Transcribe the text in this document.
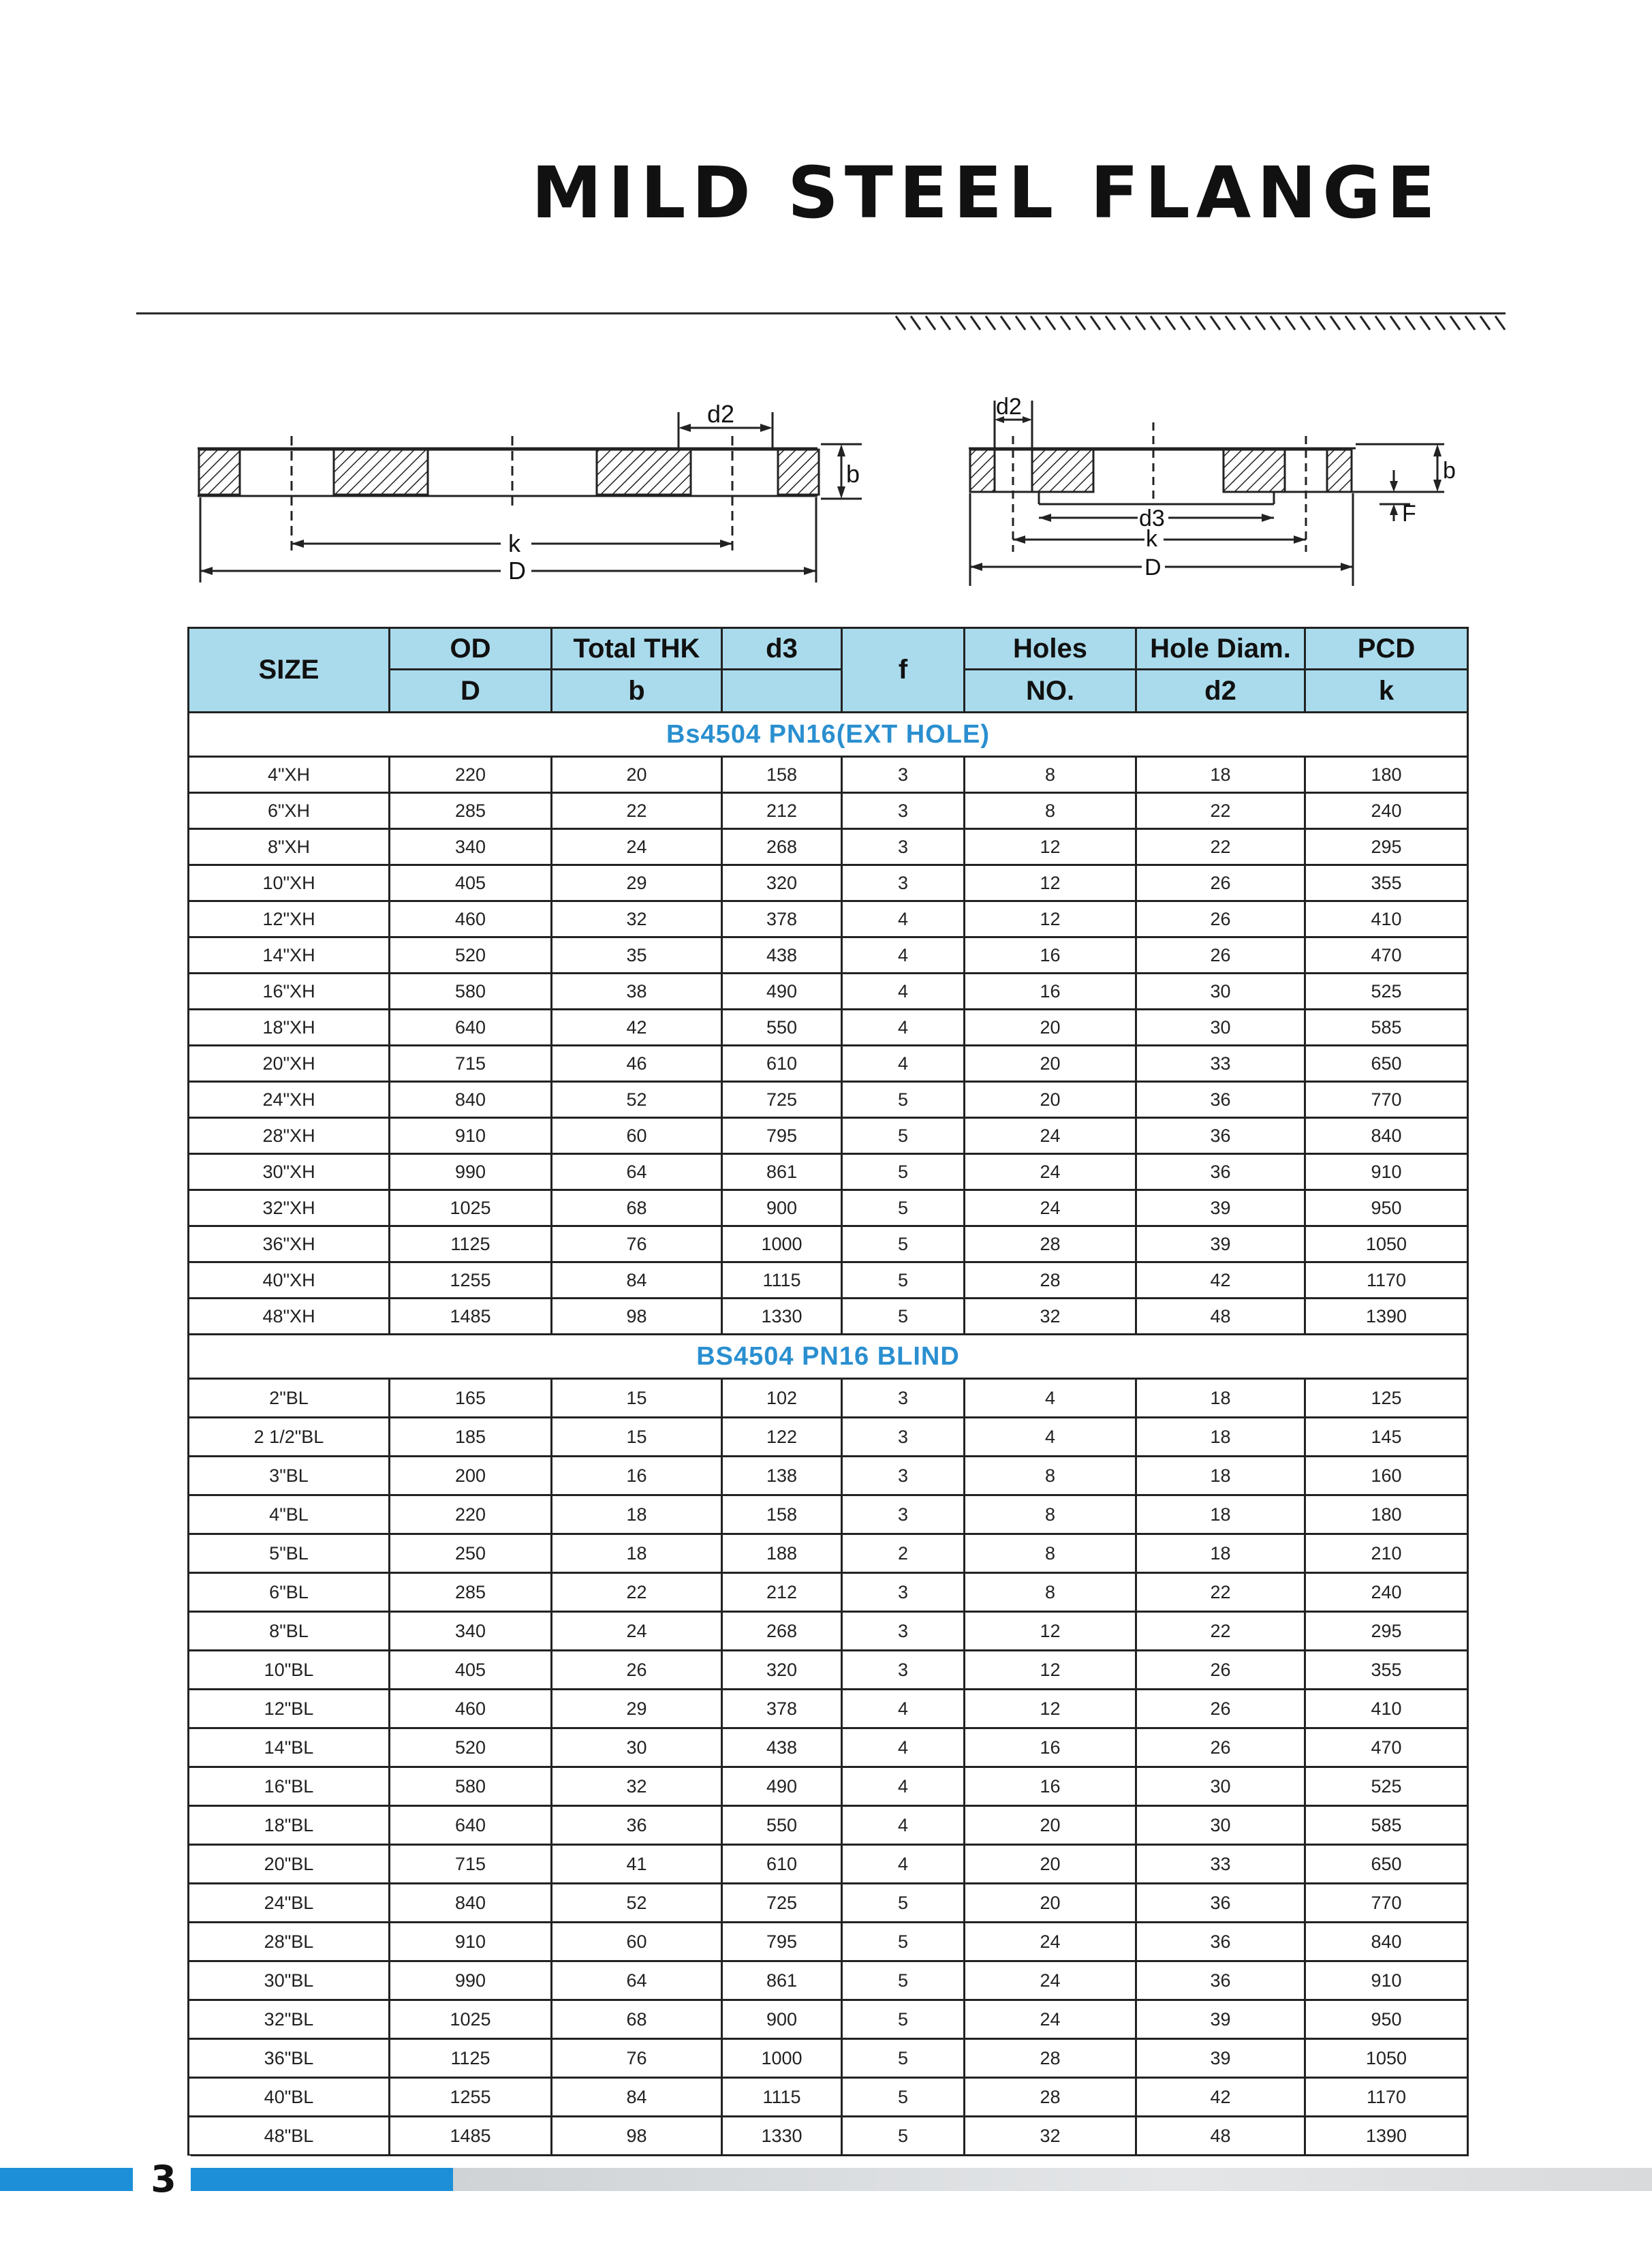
MILD STEEL FLANGE
d2
b
k
D
d2
b
F
d3
k
D
SIZE	OD	Total THK	d3	f	Holes	Hole Diam.	PCD
	D	b			NO.	d2	k
Bs4504 PN16(EXT HOLE)							
4"XH	220	20	158	3	8	18	180
6"XH	285	22	212	3	8	22	240
8"XH	340	24	268	3	12	22	295
10"XH	405	29	320	3	12	26	355
12"XH	460	32	378	4	12	26	410
14"XH	520	35	438	4	16	26	470
16"XH	580	38	490	4	16	30	525
18"XH	640	42	550	4	20	30	585
20"XH	715	46	610	4	20	33	650
24"XH	840	52	725	5	20	36	770
28"XH	910	60	795	5	24	36	840
30"XH	990	64	861	5	24	36	910
32"XH	1025	68	900	5	24	39	950
36"XH	1125	76	1000	5	28	39	1050
40"XH	1255	84	1115	5	28	42	1170
48"XH	1485	98	1330	5	32	48	1390
BS4504 PN16 BLIND							
2"BL	165	15	102	3	4	18	125
2 1/2"BL	185	15	122	3	4	18	145
3"BL	200	16	138	3	8	18	160
4"BL	220	18	158	3	8	18	180
5"BL	250	18	188	2	8	18	210
6"BL	285	22	212	3	8	22	240
8"BL	340	24	268	3	12	22	295
10"BL	405	26	320	3	12	26	355
12"BL	460	29	378	4	12	26	410
14"BL	520	30	438	4	16	26	470
16"BL	580	32	490	4	16	30	525
18"BL	640	36	550	4	20	30	585
20"BL	715	41	610	4	20	33	650
24"BL	840	52	725	5	20	36	770
28"BL	910	60	795	5	24	36	840
30"BL	990	64	861	5	24	36	910
32"BL	1025	68	900	5	24	39	950
36"BL	1125	76	1000	5	28	39	1050
40"BL	1255	84	1115	5	28	42	1170
48"BL	1485	98	1330	5	32	48	1390
3
